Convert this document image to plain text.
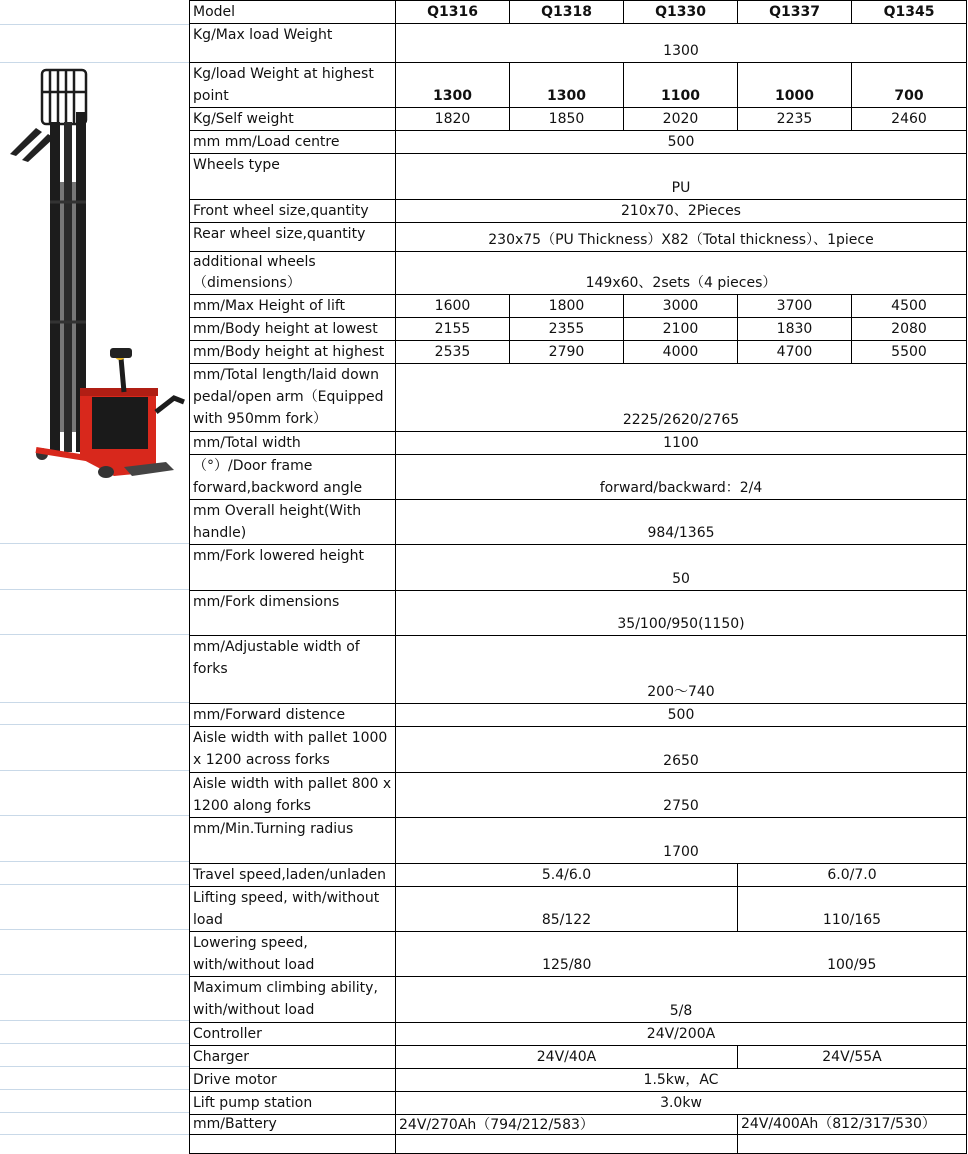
Model	Q1316	Q1318	Q1330	Q1337	Q1345
Kg/Max load Weight	1300				
Kg/load Weight at highest point	1300	1300	1100	1000	700
Kg/Self weight	1820	1850	2020	2235	2460
mm mm/Load centre	500				
Wheels type	PU				
Front wheel size,quantity	210x70、2Pieces				
Rear wheel size,quantity	230x75（PU Thickness）X82（Total thickness）、1piece				
additional wheels （dimensions）	149x60、2sets（4 pieces）				
mm/Max Height of lift	1600	1800	3000	3700	4500
mm/Body height at lowest	2155	2355	2100	1830	2080
mm/Body height at highest	2535	2790	4000	4700	5500
mm/Total length/laid down pedal/open arm（Equipped with 950mm fork）	2225/2620/2765				
mm/Total width	1100				
（°）/Door frame forward,backword angle	forward/backward：2/4				
mm Overall height(With handle)	984/1365				
mm/Fork lowered height	50				
mm/Fork dimensions	35/100/950(1150)				
mm/Adjustable width of forks	200～740				
mm/Forward distence	500				
Aisle width with pallet 1000 x 1200 across forks	2650				
Aisle width with pallet 800 x 1200 along forks	2750				
mm/Min.Turning radius	1700				
Travel speed,laden/unladen	5.4/6.0			6.0/7.0	
Lifting speed, with/without load	85/122			110/165	
Lowering speed, with/without load	125/80			100/95	
Maximum climbing ability, with/without load	5/8				
Controller	24V/200A				
Charger	24V/40A			24V/55A	
Drive motor	1.5kw，AC				
Lift pump station	3.0kw				
mm/Battery	24V/270Ah（794/212/583）			24V/400Ah（812/317/530）	
